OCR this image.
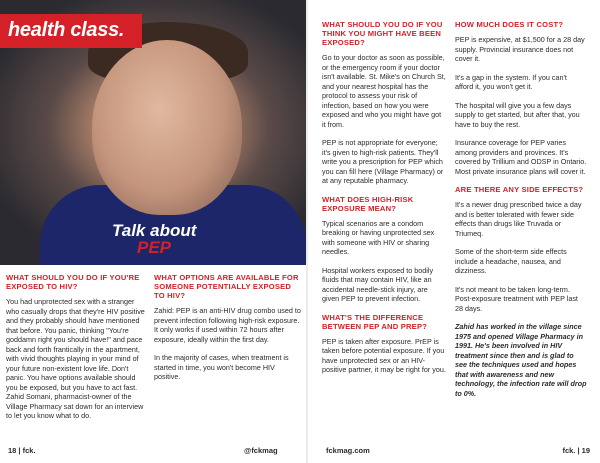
health class.
Talk about
PEP
WHAT SHOULD YOU DO IF YOU'RE EXPOSED TO HIV?

You had unprotected sex with a stranger who casually drops that they're HIV positive and they probably should have mentioned that before. You panic, thinking "You're goddamn right you should have!" and pace back and forth frantically in the apartment, with vivid thoughts playing in your mind of your future non-existent love life. Don't panic. You have options available should you be exposed, but you have to act fast. Zahid Somani, pharmacist-owner of the Village Pharmacy sat down for an interview to let you know what to do.

WHAT OPTIONS ARE AVAILABLE FOR SOMEONE POTENTIALLY EXPOSED TO HIV?

Zahid: PEP is an anti-HIV drug combo used to prevent infection following high-risk exposure. It only works if used within 72 hours after exposure, ideally within the first day.

In the majority of cases, when treatment is started in time, you won't become HIV positive.

WHAT SHOULD YOU DO IF YOU THINK YOU MIGHT HAVE BEEN EXPOSED?

Go to your doctor as soon as possible, or the emergency room if your doctor isn't available. St. Mike's on Church St, and your nearest hospital has the protocol to assess your risk of infection, based on how you were exposed and who you might have got it from.

PEP is not appropriate for everyone; it's given to high-risk patients. They'll write you a prescription for PEP which you can fill here (Village Pharmacy) or at any reputable pharmacy.

WHAT DOES HIGH-RISK EXPOSURE MEAN?

Typical scenarios are a condom breaking or having unprotected sex with someone with HIV or sharing needles.

Hospital workers exposed to bodily fluids that may contain HIV, like an accidental needle-stick injury, are given PEP to prevent infection.

WHAT'S THE DIFFERENCE BETWEEN PEP AND PREP?

PEP is taken after exposure. PrEP is taken before potential exposure. If you have unprotected sex or an HIV-positive partner, it may be right for you.

HOW MUCH DOES IT COST?

PEP is expensive, at $1,500 for a 28 day supply. Provincial insurance does not cover it.

It's a gap in the system. If you can't afford it, you won't get it.

The hospital will give you a few days supply to get started, but after that, you have to buy the rest.

Insurance coverage for PEP varies among providers and provinces. It's covered by Trillium and ODSP in Ontario. Most private insurance plans will cover it.

ARE THERE ANY SIDE EFFECTS?

It's a newer drug prescribed twice a day and is better tolerated with fewer side effects than drugs like Truvada or Triumeq.

Some of the short-term side effects include a headache, nausea, and dizziness.

It's not meant to be taken long-term. Post-exposure treatment with PEP last 28 days.

Zahid has worked in the village since 1975 and opened Village Pharmacy in 1991. He's been involved in HIV treatment since then and is glad to see the techniques used and hopes that with awareness and new technology, the infection rate will drop to 0%.

18 | fck.	@fckmag	fckmag.com	fck. | 19
